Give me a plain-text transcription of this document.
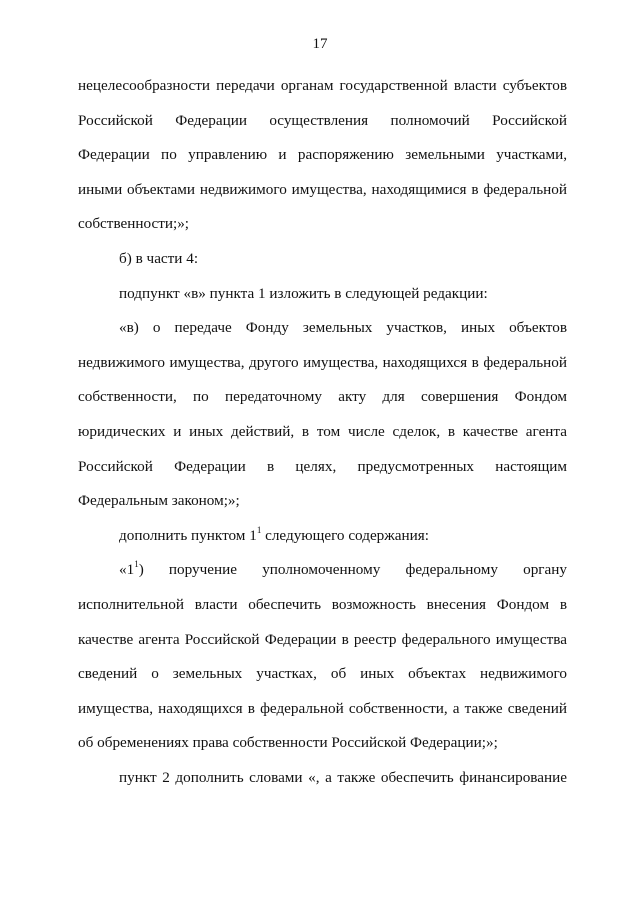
17

нецелесообразности передачи органам государственной власти субъектов Российской Федерации осуществления полномочий Российской Федерации по управлению и распоряжению земельными участками, иными объектами недвижимого имущества, находящимися в федеральной собственности;»;

б) в части 4:

подпункт «в» пункта 1 изложить в следующей редакции:

«в) о передаче Фонду земельных участков, иных объектов недвижимого имущества, другого имущества, находящихся в федеральной собственности, по передаточному акту для совершения Фондом юридических и иных действий, в том числе сделок, в качестве агента Российской Федерации в целях, предусмотренных настоящим Федеральным законом;»;

дополнить пунктом $1^1$ следующего содержания:

«$1^1$) поручение уполномоченному федеральному органу исполнительной власти обеспечить возможность внесения Фондом в качестве агента Российской Федерации в реестр федерального имущества сведений о земельных участках, об иных объектах недвижимого имущества, находящихся в федеральной собственности, а также сведений об обременениях права собственности Российской Федерации;»;

пункт 2 дополнить словами «, а также обеспечить финансирование
